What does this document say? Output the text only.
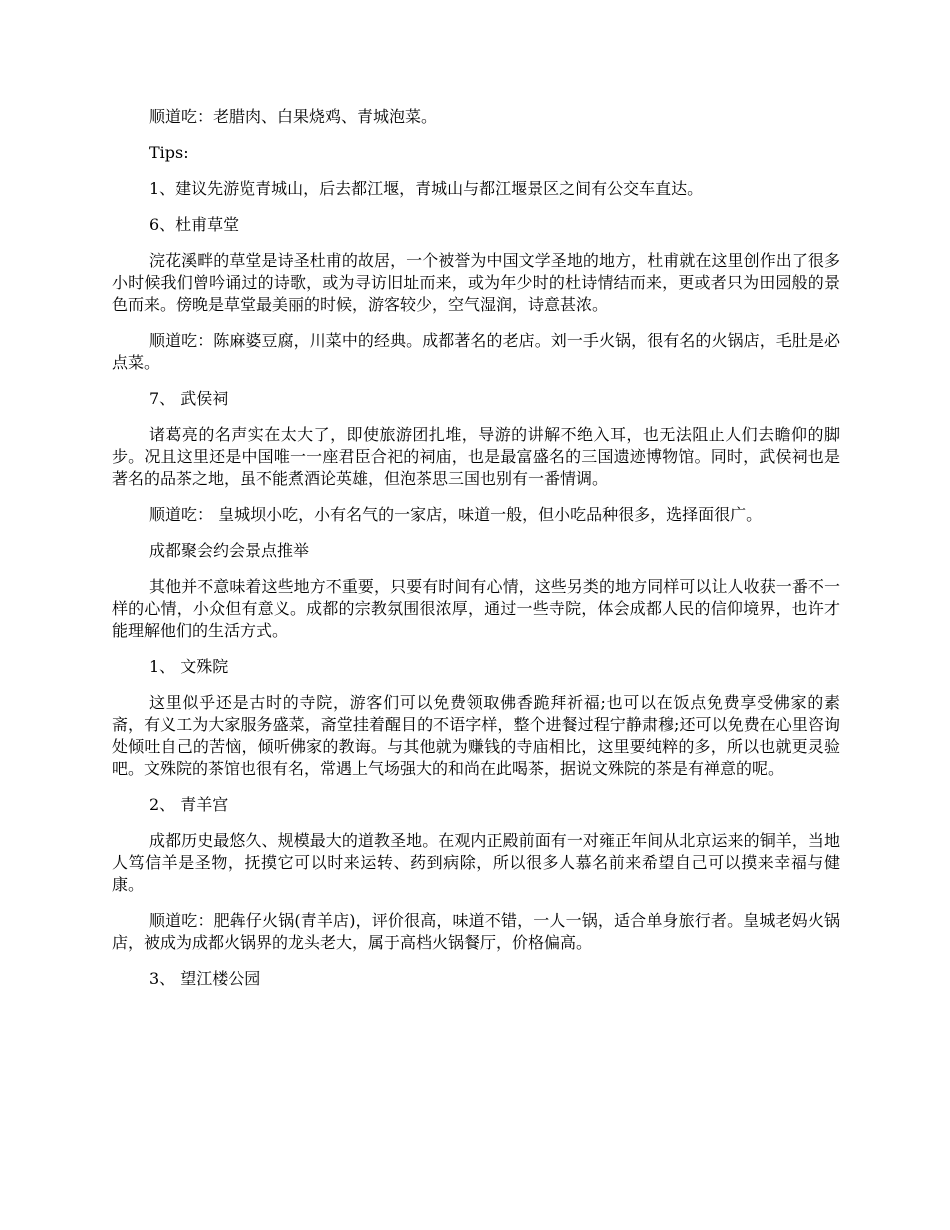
顺道吃：老腊肉、白果烧鸡、青城泡菜。

Tips:

1、建议先游览青城山，后去都江堰，青城山与都江堰景区之间有公交车直达。

6、杜甫草堂

浣花溪畔的草堂是诗圣杜甫的故居，一个被誉为中国文学圣地的地方，杜甫就在这里创作出了很多小时候我们曾吟诵过的诗歌，或为寻访旧址而来，或为年少时的杜诗情结而来，更或者只为田园般的景色而来。傍晚是草堂最美丽的时候，游客较少，空气湿润，诗意甚浓。

顺道吃：陈麻婆豆腐，川菜中的经典。成都著名的老店。刘一手火锅，很有名的火锅店，毛肚是必点菜。

7、 武侯祠

诸葛亮的名声实在太大了，即使旅游团扎堆，导游的讲解不绝入耳，也无法阻止人们去瞻仰的脚步。况且这里还是中国唯一一座君臣合祀的祠庙，也是最富盛名的三国遗迹博物馆。同时，武侯祠也是著名的品茶之地，虽不能煮酒论英雄，但泡茶思三国也别有一番情调。

顺道吃： 皇城坝小吃，小有名气的一家店，味道一般，但小吃品种很多，选择面很广。

成都聚会约会景点推举

其他并不意味着这些地方不重要，只要有时间有心情，这些另类的地方同样可以让人收获一番不一样的心情，小众但有意义。成都的宗教氛围很浓厚，通过一些寺院，体会成都人民的信仰境界，也许才能理解他们的生活方式。

1、 文殊院

这里似乎还是古时的寺院，游客们可以免费领取佛香跪拜祈福;也可以在饭点免费享受佛家的素斋，有义工为大家服务盛菜，斋堂挂着醒目的不语字样，整个进餐过程宁静肃穆;还可以免费在心里咨询处倾吐自己的苦恼，倾听佛家的教诲。与其他就为赚钱的寺庙相比，这里要纯粹的多，所以也就更灵验吧。文殊院的茶馆也很有名，常遇上气场强大的和尚在此喝茶，据说文殊院的茶是有禅意的呢。

2、 青羊宫

成都历史最悠久、规模最大的道教圣地。在观内正殿前面有一对雍正年间从北京运来的铜羊，当地人笃信羊是圣物，抚摸它可以时来运转、药到病除，所以很多人慕名前来希望自己可以摸来幸福与健康。

顺道吃：肥犇仔火锅(青羊店)，评价很高，味道不错，一人一锅，适合单身旅行者。皇城老妈火锅店，被成为成都火锅界的龙头老大，属于高档火锅餐厅，价格偏高。

3、 望江楼公园
